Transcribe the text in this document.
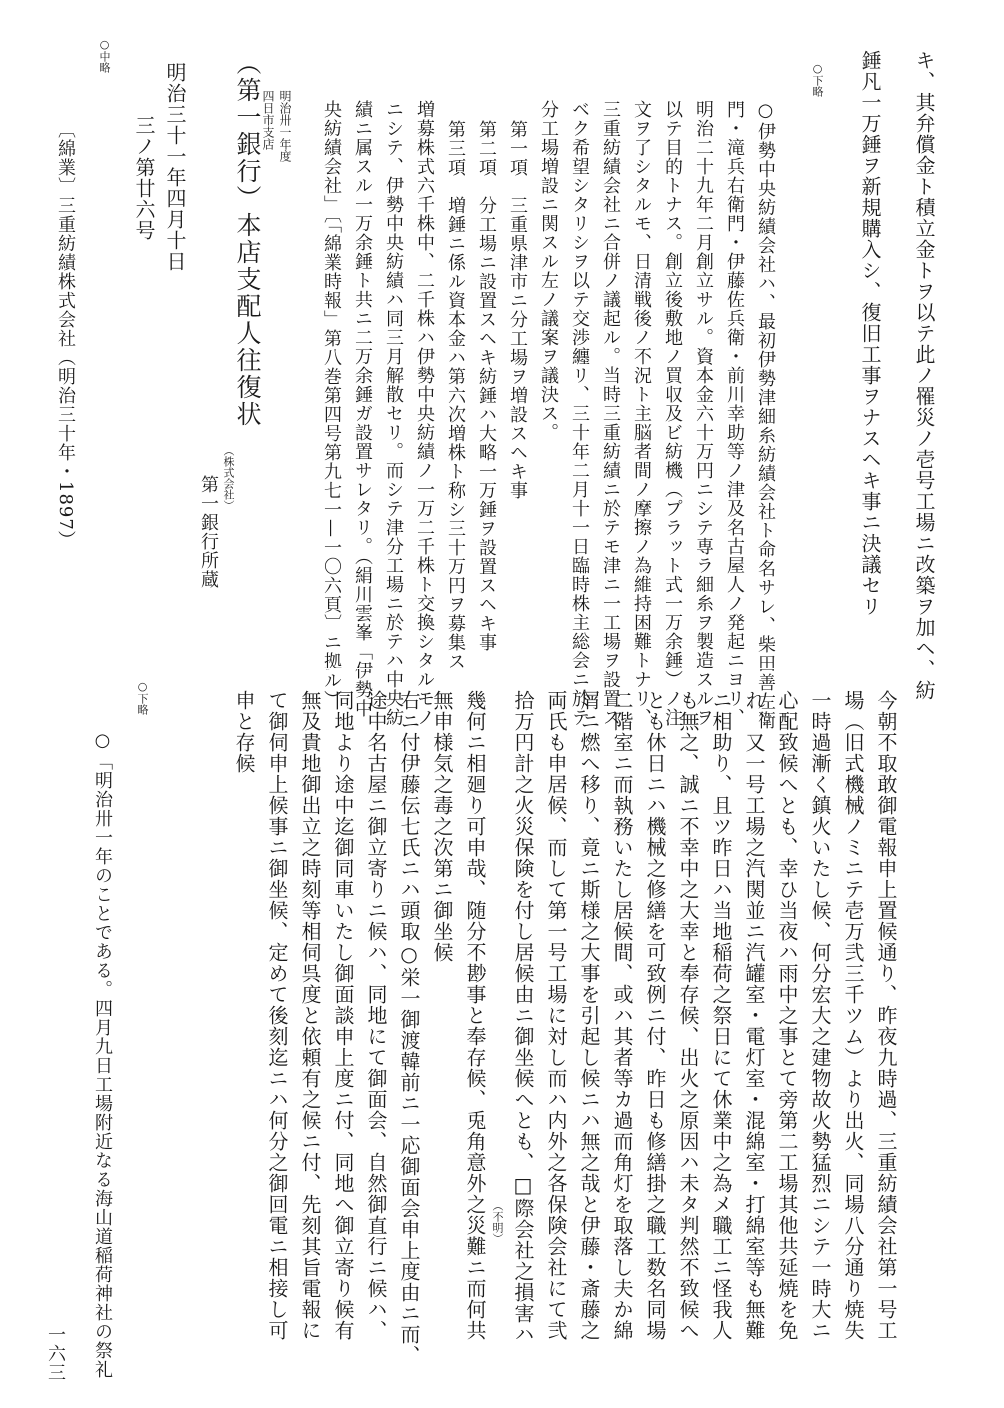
キ、其弁償金ト積立金トヲ以テ此ノ罹災ノ壱号工場ニ改築ヲ加ヘ、紡
錘凡一万錘ヲ新規購入シ、復旧工事ヲナスヘキ事ニ決議セリ
○下略
○伊勢中央紡績会社ハ、最初伊勢津細糸紡績会社ト命名サレ、柴田善左衛
門・滝兵右衛門・伊藤佐兵衛・前川幸助等ノ津及名古屋人ノ発起ニヨリ、
明治二十九年二月創立サル。資本金六十万円ニシテ専ラ細糸ヲ製造スルヲ
以テ目的トナス。創立後敷地ノ買収及ビ紡機（プラット式一万余錘）ノ注
文ヲ了シタルモ、日清戦後ノ不況ト主脳者間ノ摩擦ノ為維持困難トナリ、
三重紡績会社ニ合併ノ議起ル。当時三重紡績ニ於テモ津ニ一工場ヲ設置ス
ベク希望シタリシヲ以テ交渉纏リ、三十年二月十一日臨時株主総会ニ於テ
分工場増設ニ関スル左ノ議案ヲ議決ス。
第一項　三重県津市ニ分工場ヲ増設スヘキ事
第二項　分工場ニ設置スヘキ紡錘ハ大略一万錘ヲ設置スヘキ事
第三項　増錘ニ係ル資本金ハ第六次増株ト称シ三十万円ヲ募集ス
増募株式六千株中、二千株ハ伊勢中央紡績ノ一万二千株ト交換シタルモノ
ニシテ、伊勢中央紡績ハ同三月解散セリ。而シテ津分工場ニ於テハ中央紡
績ニ属スル一万余錘ト共ニ二万余錘ガ設置サレタリ。（絹川雲峯「伊勢中
央紡績会社」〔「綿業時報」第八巻第四号第九七一—一〇六頁〕ニ拠ル）
明治卅一年度
四日市支店
（株式会社）
第一銀行所蔵
（第一銀行）本店支配人往復状
明治三十一年四月十日
三ノ第廿六号
○中略
〔綿業〕三重紡績株式会社（明治三十年・1897）
今朝不取敢御電報申上置候通り、昨夜九時過、三重紡績会社第一号工
場（旧式機械ノミニテ壱万弐三千ツム）より出火、同場八分通り焼失
一時過漸く鎮火いたし候、何分宏大之建物故火勢猛烈ニシテ一時大ニ
心配致候へとも、幸ひ当夜ハ雨中之事とて旁第二工場其他共延焼を免
れ、又一号工場之汽関並ニ汽罐室・電灯室・混綿室・打綿室等も無難
ニ相助り、且ツ昨日ハ当地稲荷之祭日にて休業中之為メ職工ニ怪我人
も無之、誠ニ不幸中之大幸と奉存候、出火之原因ハ未タ判然不致候へ
とも休日ニハ機械之修繕を可致例ニ付、昨日も修繕掛之職工数名同場
二階室ニ而執務いたし居候間、或ハ其者等カ過而角灯を取落し夫か綿
屑ニ燃へ移り、竟ニ斯様之大事を引起し候ニハ無之哉と伊藤・斎藤之
両氏も申居候、而して第一号工場に対し而ハ内外之各保険会社にて弐
拾万円計之火災保険を付し居候由ニ御坐候へとも、□際会社之損害ハ
（不明）
幾何ニ相廻り可申哉、随分不尠事と奉存候、兎角意外之災難ニ而何共
無申様気之毒之次第ニ御坐候
右ニ付伊藤伝七氏ニハ頭取○栄一御渡韓前ニ一応御面会申上度由ニ而、
途中名古屋ニ御立寄りニ候ハ、同地にて御面会、自然御直行ニ候ハ、
同地より途中迄御同車いたし御面談申上度ニ付、同地へ御立寄り候有
無及貴地御出立之時刻等相伺呉度と依頼有之候ニ付、先刻其旨電報に
て御伺申上候事ニ御坐候、定めて後刻迄ニハ何分之御回電ニ相接し可
申と存候
○下略
○「明治卅一年のことである。四月九日工場附近なる海山道稲荷神社の祭礼
一六三
